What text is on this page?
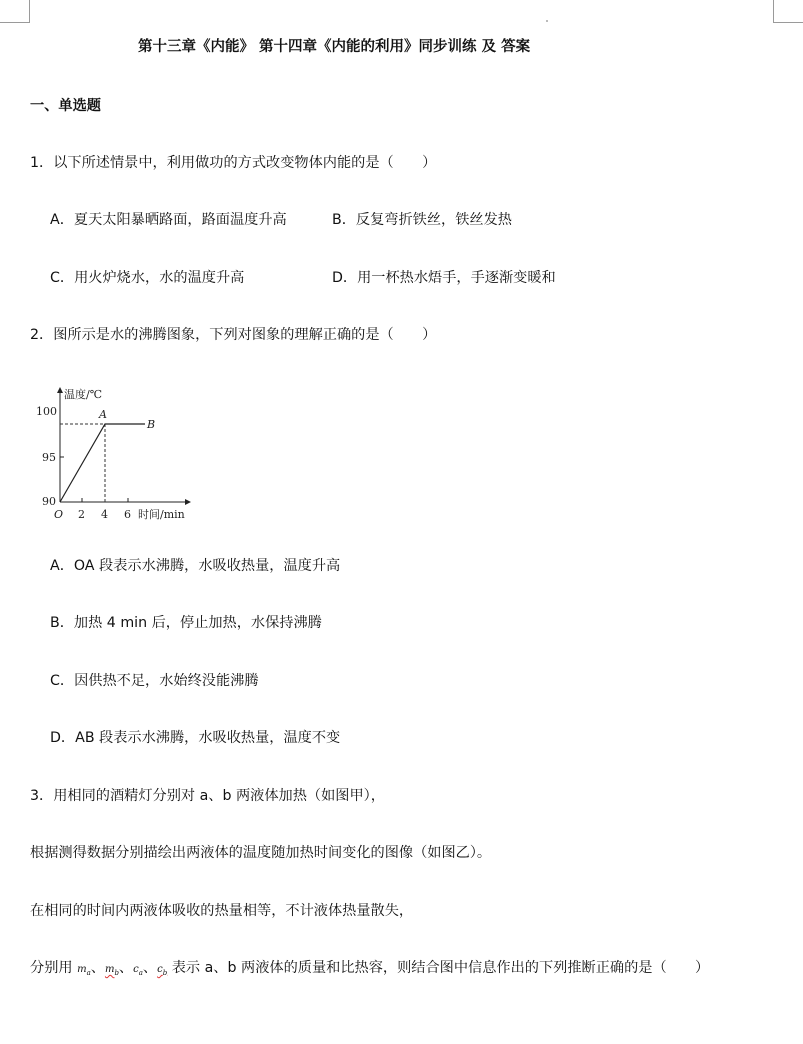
第十三章《内能》 第十四章《内能的利用》同步训练 及 答案
一、单选题
1．以下所述情景中，利用做功的方式改变物体内能的是（　　）
A．夏天太阳暴晒路面，路面温度升高	B．反复弯折铁丝，铁丝发热
C．用火炉烧水，水的温度升高	D．用一杯热水焐手，手逐渐变暖和
2．图所示是水的沸腾图象，下列对图象的理解正确的是（　　）
100
95
90
温度/℃
时间/min
O 2 4 6
A
B
A．OA 段表示水沸腾，水吸收热量，温度升高
B．加热 4 min 后，停止加热，水保持沸腾
C．因供热不足，水始终没能沸腾
D．AB 段表示水沸腾，水吸收热量，温度不变
3．用相同的酒精灯分别对 a、b 两液体加热（如图甲），
根据测得数据分别描绘出两液体的温度随加热时间变化的图像（如图乙）。
在相同的时间内两液体吸收的热量相等，不计液体热量散失，
分别用 $m_a$、$m_b$、$c_a$、$c_b$ 表示 a、b 两液体的质量和比热容，则结合图中信息作出的下列推断正确的是（　　）
